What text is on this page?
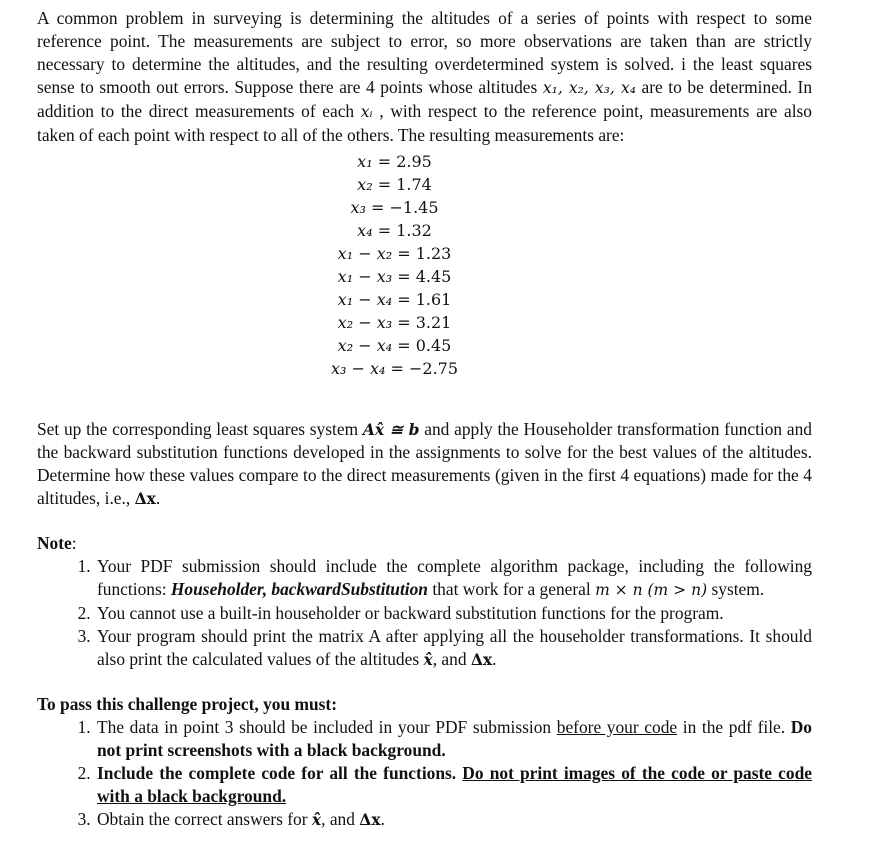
A common problem in surveying is determining the altitudes of a series of points with respect to some reference point. The measurements are subject to error, so more observations are taken than are strictly necessary to determine the altitudes, and the resulting overdetermined system is solved. i the least squares sense to smooth out errors. Suppose there are 4 points whose altitudes x₁, x₂, x₃, x₄ are to be determined. In addition to the direct measurements of each xᵢ , with respect to the reference point, measurements are also taken of each point with respect to all of the others. The resulting measurements are:

x₁ = 2.95
x₂ = 1.74
x₃ = −1.45
x₄ = 1.32
x₁ − x₂ = 1.23
x₁ − x₃ = 4.45
x₁ − x₄ = 1.61
x₂ − x₃ = 3.21
x₂ − x₄ = 0.45
x₃ − x₄ = −2.75

Set up the corresponding least squares system Ax̂ ≅ b and apply the Householder transformation function and the backward substitution functions developed in the assignments to solve for the best values of the altitudes. Determine how these values compare to the direct measurements (given in the first 4 equations) made for the 4 altitudes, i.e., Δx.

Note:
1. Your PDF submission should include the complete algorithm package, including the following functions: Householder, backwardSubstitution that work for a general m × n (m > n) system.
2. You cannot use a built-in householder or backward substitution functions for the program.
3. Your program should print the matrix A after applying all the householder transformations. It should also print the calculated values of the altitudes x̂, and Δx.
To pass this challenge project, you must:
1. The data in point 3 should be included in your PDF submission before your code in the pdf file. Do not print screenshots with a black background.
2. Include the complete code for all the functions. Do not print images of the code or paste code with a black background.
3. Obtain the correct answers for x̂, and Δx.
